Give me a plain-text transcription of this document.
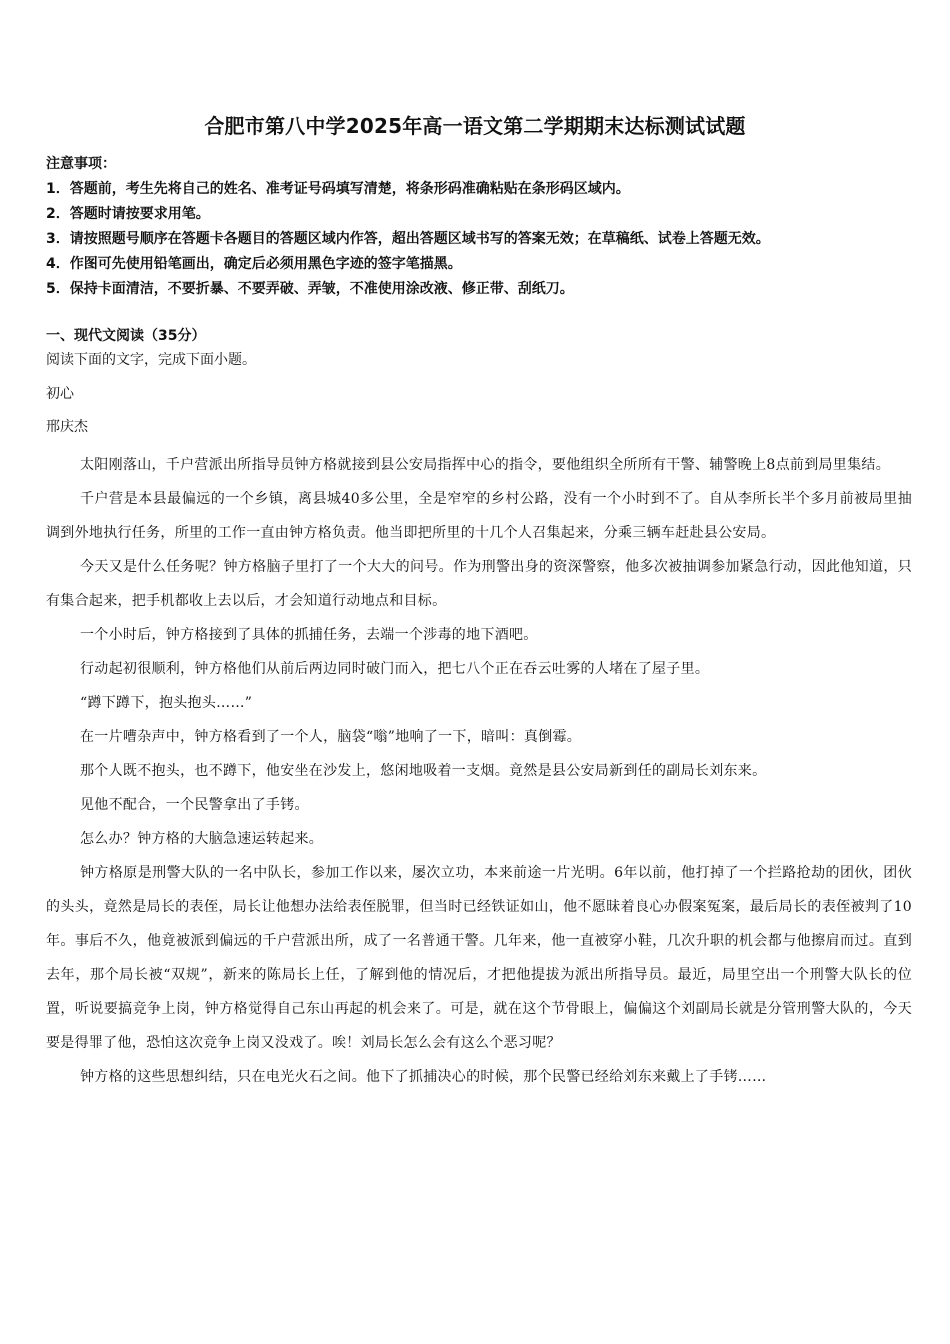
合肥市第八中学2025年高一语文第二学期期末达标测试试题
注意事项：
1．答题前，考生先将自己的姓名、准考证号码填写清楚，将条形码准确粘贴在条形码区域内。
2．答题时请按要求用笔。
3．请按照题号顺序在答题卡各题目的答题区域内作答，超出答题区域书写的答案无效；在草稿纸、试卷上答题无效。
4．作图可先使用铅笔画出，确定后必须用黑色字迹的签字笔描黑。
5．保持卡面清洁，不要折暴、不要弄破、弄皱，不准使用涂改液、修正带、刮纸刀。
一、现代文阅读（35分）
阅读下面的文字，完成下面小题。
初心
邢庆杰

太阳刚落山，千户营派出所指导员钟方格就接到县公安局指挥中心的指令，要他组织全所所有干警、辅警晚上8点前到局里集结。

千户营是本县最偏远的一个乡镇，离县城40多公里，全是窄窄的乡村公路，没有一个小时到不了。自从李所长半个多月前被局里抽调到外地执行任务，所里的工作一直由钟方格负责。他当即把所里的十几个人召集起来，分乘三辆车赶赴县公安局。

今天又是什么任务呢？钟方格脑子里打了一个大大的问号。作为刑警出身的资深警察，他多次被抽调参加紧急行动，因此他知道，只有集合起来，把手机都收上去以后，才会知道行动地点和目标。

一个小时后，钟方格接到了具体的抓捕任务，去端一个涉毒的地下酒吧。

行动起初很顺利，钟方格他们从前后两边同时破门而入，把七八个正在吞云吐雾的人堵在了屋子里。

“蹲下蹲下，抱头抱头……”

在一片嘈杂声中，钟方格看到了一个人，脑袋“嗡”地响了一下，暗叫：真倒霉。

那个人既不抱头，也不蹲下，他安坐在沙发上，悠闲地吸着一支烟。竟然是县公安局新到任的副局长刘东来。

见他不配合，一个民警拿出了手铐。

怎么办？钟方格的大脑急速运转起来。

钟方格原是刑警大队的一名中队长，参加工作以来，屡次立功，本来前途一片光明。6年以前，他打掉了一个拦路抢劫的团伙，团伙的头头，竟然是局长的表侄，局长让他想办法给表侄脱罪，但当时已经铁证如山，他不愿昧着良心办假案冤案，最后局长的表侄被判了10年。事后不久，他竟被派到偏远的千户营派出所，成了一名普通干警。几年来，他一直被穿小鞋，几次升职的机会都与他擦肩而过。直到去年，那个局长被“双规”，新来的陈局长上任，了解到他的情况后，才把他提拔为派出所指导员。最近，局里空出一个刑警大队长的位置，听说要搞竞争上岗，钟方格觉得自己东山再起的机会来了。可是，就在这个节骨眼上，偏偏这个刘副局长就是分管刑警大队的，今天要是得罪了他，恐怕这次竞争上岗又没戏了。唉！刘局长怎么会有这么个恶习呢？

钟方格的这些思想纠结，只在电光火石之间。他下了抓捕决心的时候，那个民警已经给刘东来戴上了手铐……
